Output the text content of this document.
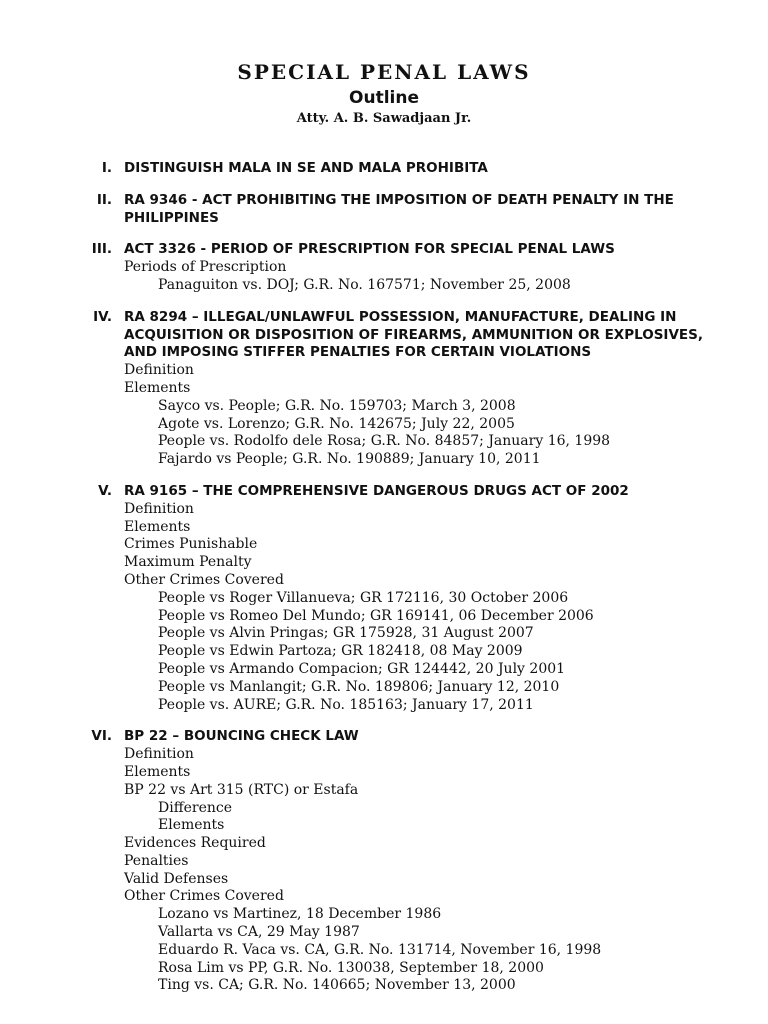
SPECIAL PENAL LAWS
Outline
Atty. A. B. Sawadjaan Jr.
I. DISTINGUISH MALA IN SE AND MALA PROHIBITA
II. RA 9346 - ACT PROHIBITING THE IMPOSITION OF DEATH PENALTY IN THE PHILIPPINES
III. ACT 3326 - PERIOD OF PRESCRIPTION FOR SPECIAL PENAL LAWS
Periods of Prescription
Panaguiton vs. DOJ; G.R. No. 167571; November 25, 2008
IV. RA 8294 – ILLEGAL/UNLAWFUL POSSESSION, MANUFACTURE, DEALING IN ACQUISITION OR DISPOSITION OF FIREARMS, AMMUNITION OR EXPLOSIVES, AND IMPOSING STIFFER PENALTIES FOR CERTAIN VIOLATIONS
Definition
Elements
Sayco vs. People; G.R. No. 159703; March 3, 2008
Agote vs. Lorenzo; G.R. No. 142675; July 22, 2005
People vs. Rodolfo dele Rosa; G.R. No. 84857; January 16, 1998
Fajardo vs People; G.R. No. 190889; January 10, 2011
V. RA 9165 – THE COMPREHENSIVE DANGEROUS DRUGS ACT OF 2002
Definition
Elements
Crimes Punishable
Maximum Penalty
Other Crimes Covered
People vs Roger Villanueva; GR 172116, 30 October 2006
People vs Romeo Del Mundo; GR 169141, 06 December 2006
People vs Alvin Pringas; GR 175928, 31 August 2007
People vs Edwin Partoza; GR 182418, 08 May 2009
People vs Armando Compacion; GR 124442, 20 July 2001
People vs Manlangit; G.R. No. 189806; January 12, 2010
People vs. AURE; G.R. No. 185163; January 17, 2011
VI. BP 22 – BOUNCING CHECK LAW
Definition
Elements
BP 22 vs Art 315 (RTC) or Estafa
Difference
Elements
Evidences Required
Penalties
Valid Defenses
Other Crimes Covered
Lozano vs Martinez, 18 December 1986
Vallarta vs CA, 29 May 1987
Eduardo R. Vaca vs. CA, G.R. No. 131714, November 16, 1998
Rosa Lim vs PP, G.R. No. 130038, September 18, 2000
Ting vs. CA; G.R. No. 140665; November 13, 2000
